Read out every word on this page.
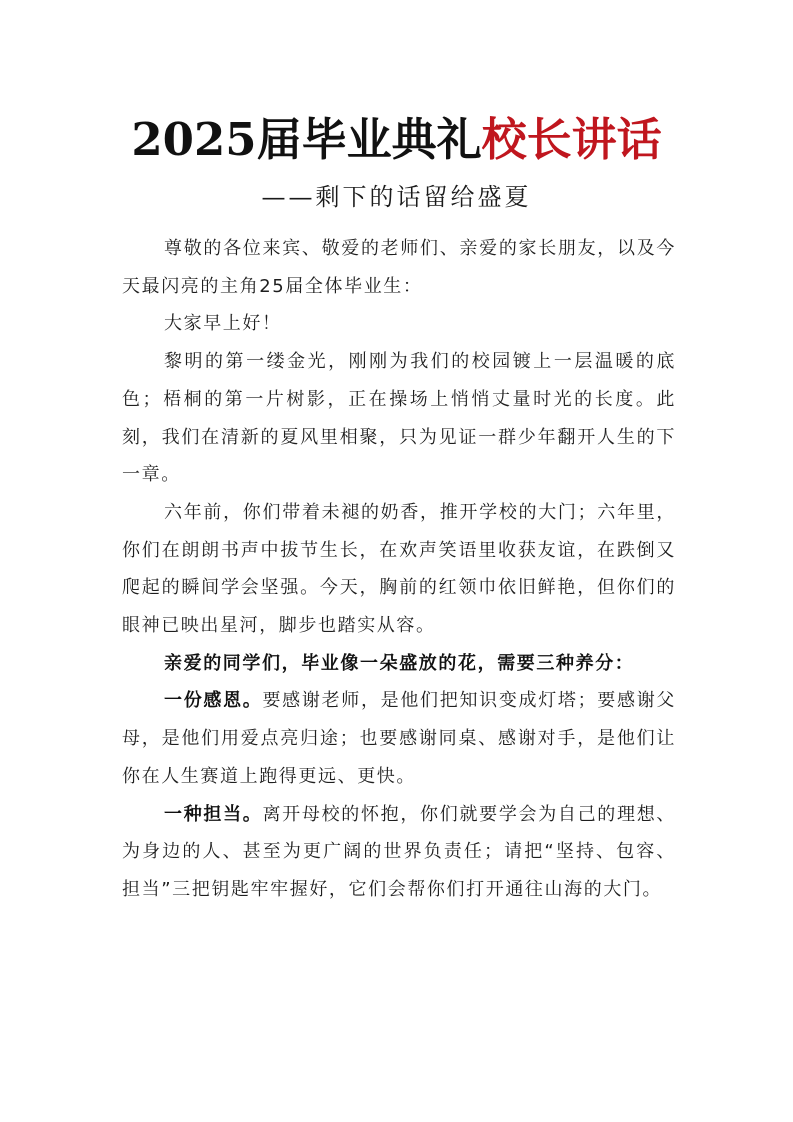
2025届毕业典礼校长讲话
——剩下的话留给盛夏

尊敬的各位来宾、敬爱的老师们、亲爱的家长朋友，以及今天最闪亮的主角25届全体毕业生：

大家早上好！

黎明的第一缕金光，刚刚为我们的校园镀上一层温暖的底色；梧桐的第一片树影，正在操场上悄悄丈量时光的长度。此刻，我们在清新的夏风里相聚，只为见证一群少年翻开人生的下一章。

六年前，你们带着未褪的奶香，推开学校的大门；六年里，你们在朗朗书声中拔节生长，在欢声笑语里收获友谊，在跌倒又爬起的瞬间学会坚强。今天，胸前的红领巾依旧鲜艳，但你们的眼神已映出星河，脚步也踏实从容。

亲爱的同学们，毕业像一朵盛放的花，需要三种养分：

一份感恩。要感谢老师，是他们把知识变成灯塔；要感谢父母，是他们用爱点亮归途；也要感谢同桌、感谢对手，是他们让你在人生赛道上跑得更远、更快。

一种担当。离开母校的怀抱，你们就要学会为自己的理想、为身边的人、甚至为更广阔的世界负责任；请把“坚持、包容、担当”三把钥匙牢牢握好，它们会帮你们打开通往山海的大门。
